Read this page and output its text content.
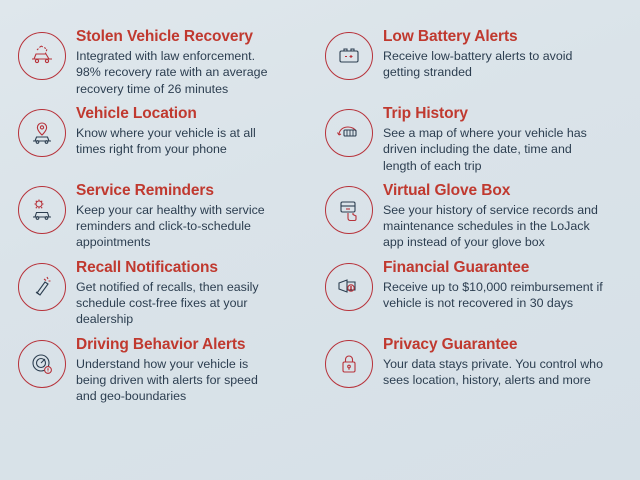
Stolen Vehicle Recovery

Integrated with law enforcement. 98% recovery rate with an average recovery time of 26 minutes

Low Battery Alerts

Receive low-battery alerts to avoid getting stranded

Vehicle Location

Know where your vehicle is at all times right from your phone

Trip History

See a map of where your vehicle has driven including the date, time and length of each trip

Service Reminders

Keep your car healthy with service reminders and click-to-schedule appointments

Virtual Glove Box

See your history of service records and maintenance schedules in the LoJack app instead of your glove box

Recall Notifications

Get notified of recalls, then easily schedule cost-free fixes at your dealership

Financial Guarantee

Receive up to $10,000 reimbursement if vehicle is not recovered in 30 days

Driving Behavior Alerts

Understand how your vehicle is being driven with alerts for speed and geo-boundaries

Privacy Guarantee

Your data stays private. You control who sees location, history, alerts and more
